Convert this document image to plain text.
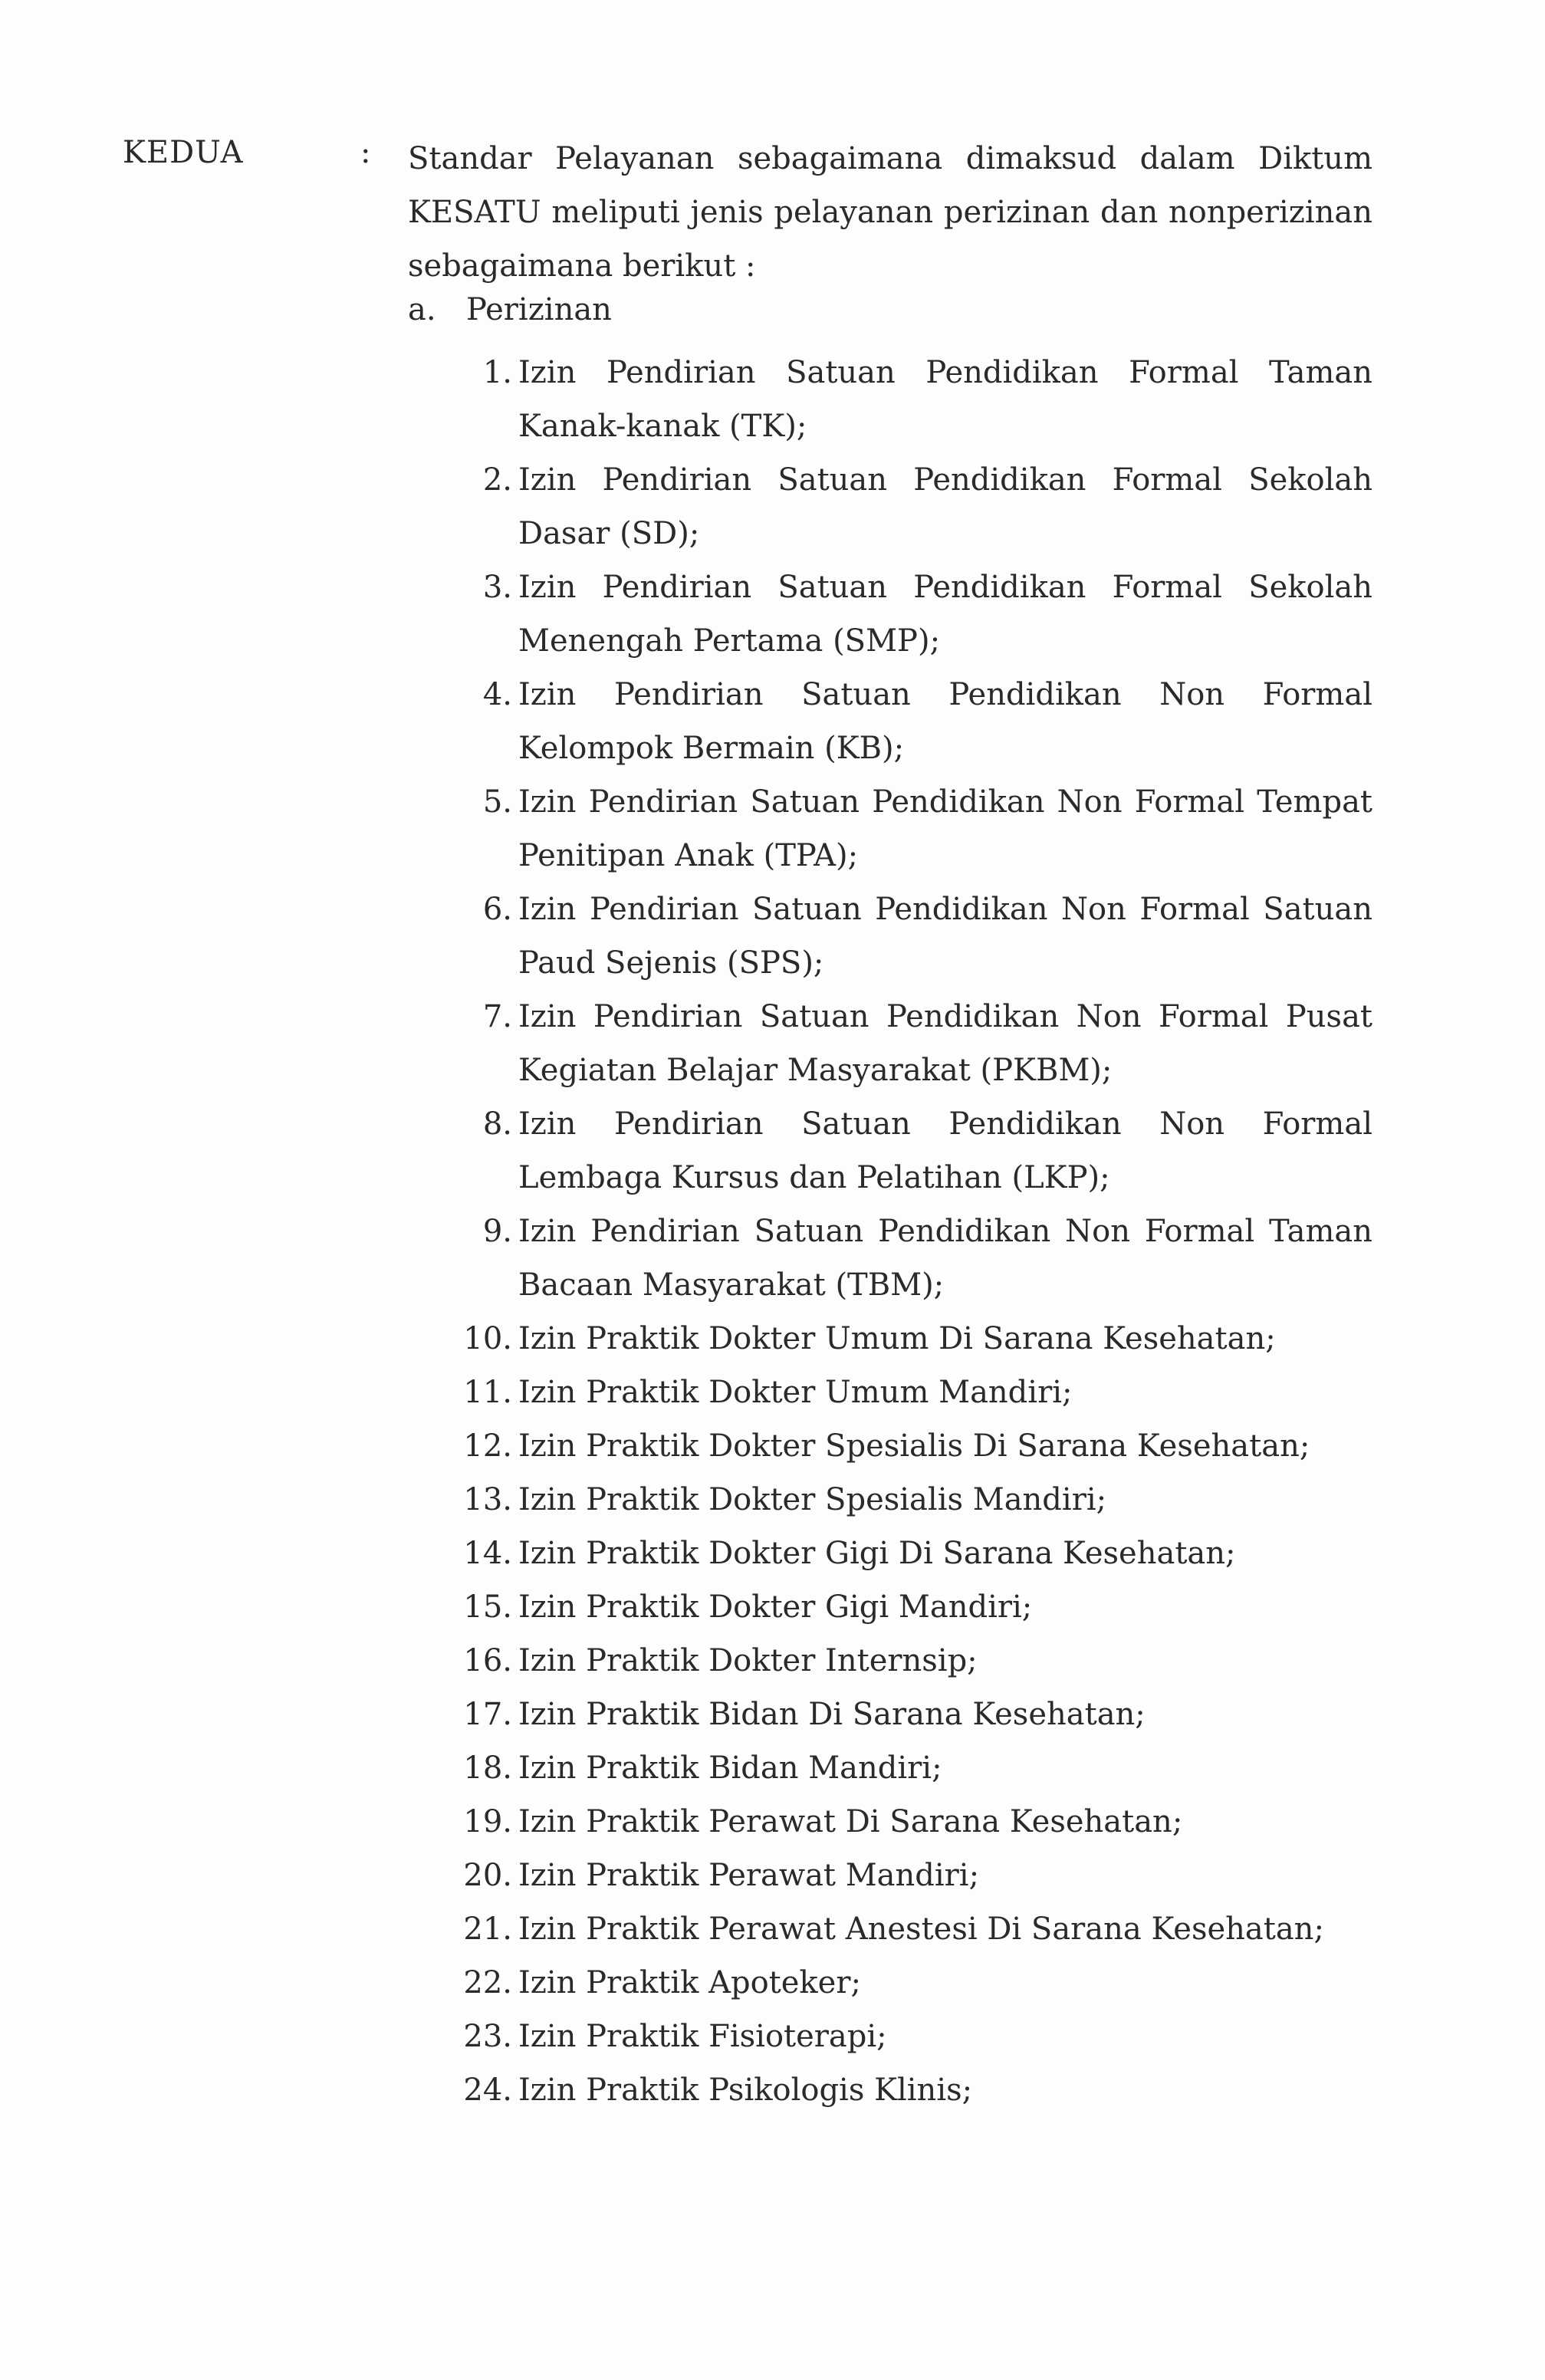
KEDUA	: Standar Pelayanan sebagaimana dimaksud dalam Diktum KESATU meliputi jenis pelayanan perizinan dan nonperizinan sebagaimana berikut :
a. Perizinan
1. Izin Pendirian Satuan Pendidikan Formal Taman Kanak-kanak (TK);
2. Izin Pendirian Satuan Pendidikan Formal Sekolah Dasar (SD);
3. Izin Pendirian Satuan Pendidikan Formal Sekolah Menengah Pertama (SMP);
4. Izin Pendirian Satuan Pendidikan Non Formal Kelompok Bermain (KB);
5. Izin Pendirian Satuan Pendidikan Non Formal Tempat Penitipan Anak (TPA);
6. Izin Pendirian Satuan Pendidikan Non Formal Satuan Paud Sejenis (SPS);
7. Izin Pendirian Satuan Pendidikan Non Formal Pusat Kegiatan Belajar Masyarakat (PKBM);
8. Izin Pendirian Satuan Pendidikan Non Formal Lembaga Kursus dan Pelatihan (LKP);
9. Izin Pendirian Satuan Pendidikan Non Formal Taman Bacaan Masyarakat (TBM);
10. Izin Praktik Dokter Umum Di Sarana Kesehatan;
11. Izin Praktik Dokter Umum Mandiri;
12. Izin Praktik Dokter Spesialis Di Sarana Kesehatan;
13. Izin Praktik Dokter Spesialis Mandiri;
14. Izin Praktik Dokter Gigi Di Sarana Kesehatan;
15. Izin Praktik Dokter Gigi Mandiri;
16. Izin Praktik Dokter Internsip;
17. Izin Praktik Bidan Di Sarana Kesehatan;
18. Izin Praktik Bidan Mandiri;
19. Izin Praktik Perawat Di Sarana Kesehatan;
20. Izin Praktik Perawat Mandiri;
21. Izin Praktik Perawat Anestesi Di Sarana Kesehatan;
22. Izin Praktik Apoteker;
23. Izin Praktik Fisioterapi;
24. Izin Praktik Psikologis Klinis;
